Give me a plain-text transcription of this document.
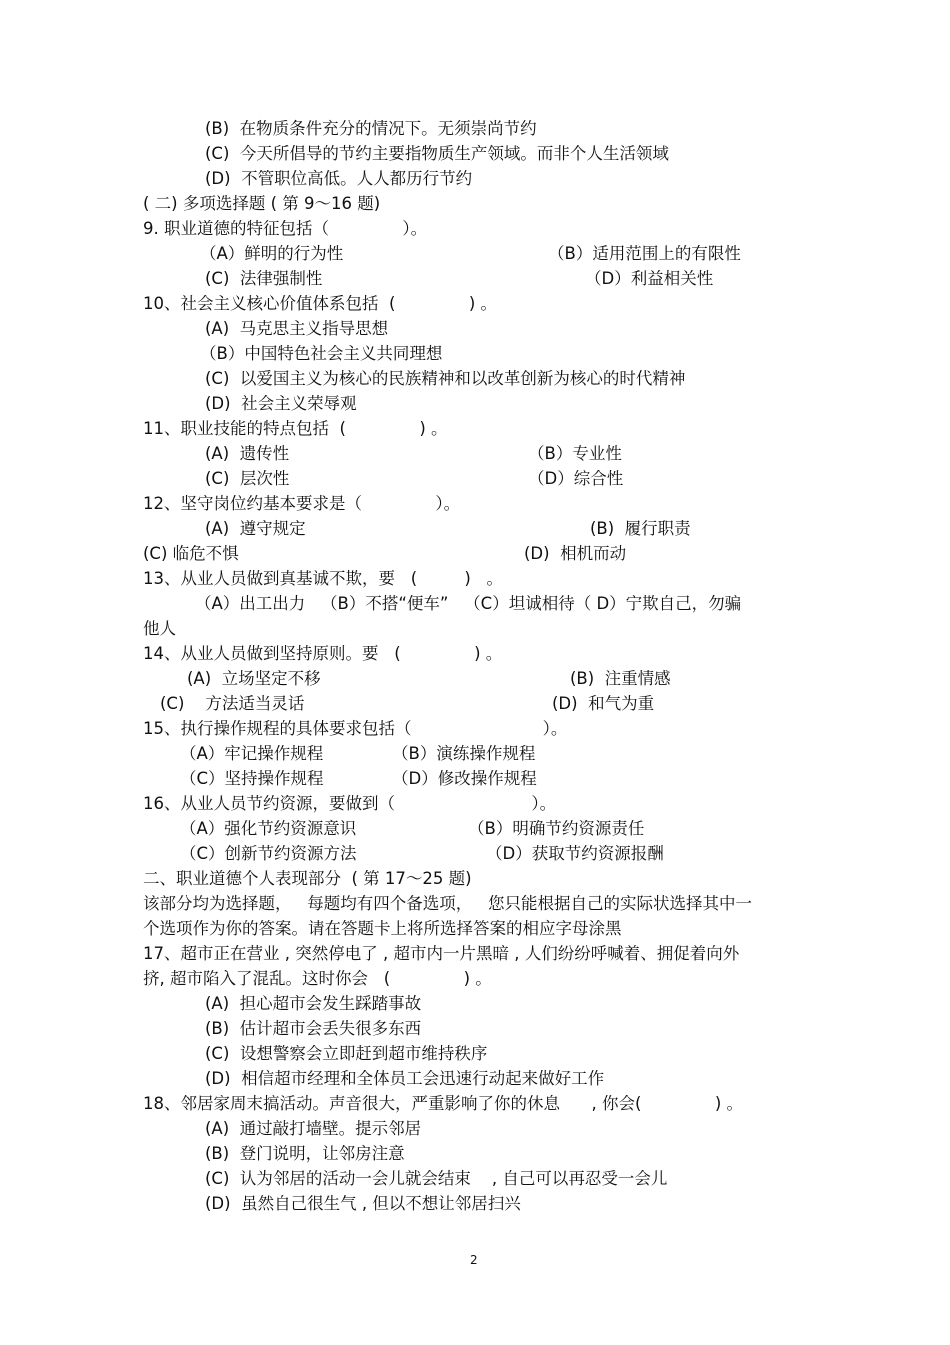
(B)  在物质条件充分的情况下。无须崇尚节约
(C)  今天所倡导的节约主要指物质生产领域。而非个人生活领域
(D)  不管职位高低。人人都历行节约
( 二) 多项选择题 ( 第 9～16 题)
9. 职业道德的特征包括（              ）。
（A）鲜明的行为性	（B）适用范围上的有限性
(C)  法律强制性	（D）利益相关性
10、社会主义核心价值体系包括  (              ) 。
(A)  马克思主义指导思想
（B）中国特色社会主义共同理想
(C)  以爱国主义为核心的民族精神和以改革创新为核心的时代精神
(D)  社会主义荣辱观
11、职业技能的特点包括  (              ) 。
(A)  遗传性	（B）专业性
(C)  层次性	（D）综合性
12、坚守岗位约基本要求是（              ）。
(A)  遵守规定	(B)  履行职责
(C) 临危不惧	(D)  相机而动
13、从业人员做到真基诚不欺，要   (         )   。
（A）出工出力   （B）不搭“便车”   （C）坦诚相待（ D）宁欺自己，勿骗
他人
14、从业人员做到坚持原则。要   (              ) 。
(A)  立场坚定不移	(B)  注重情感
(C)    方法适当灵话	(D)  和气为重
15、执行操作规程的具体要求包括（                         ）。
（A）牢记操作规程	（B）演练操作规程
（C）坚持操作规程	（D）修改操作规程
16、从业人员节约资源，要做到（                          ）。
（A）强化节约资源意识	（B）明确节约资源责任
（C）创新节约资源方法	（D）获取节约资源报酬
二、职业道德个人表现部分  ( 第 17～25 题)
该部分均为选择题，   每题均有四个备选项，   您只能根据自己的实际状选择其中一
个选项作为你的答案。请在答题卡上将所选择答案的相应字母涂黑
17、超市正在营业 , 突然停电了 , 超市内一片黑暗 , 人们纷纷呼喊着、拥促着向外
挤, 超市陷入了混乱。这时你会   (              ) 。
(A)  担心超市会发生踩踏事故
(B)  估计超市会丢失很多东西
(C)  设想警察会立即赶到超市维持秩序
(D)  相信超市经理和全体员工会迅速行动起来做好工作
18、邻居家周末搞活动。声音很大，严重影响了你的休息      , 你会(              ) 。
(A)  通过敲打墙壁。提示邻居
(B)  登门说明，让邻房注意
(C)  认为邻居的活动一会儿就会结束    , 自己可以再忍受一会儿
(D)  虽然自己很生气 , 但以不想让邻居扫兴
2
